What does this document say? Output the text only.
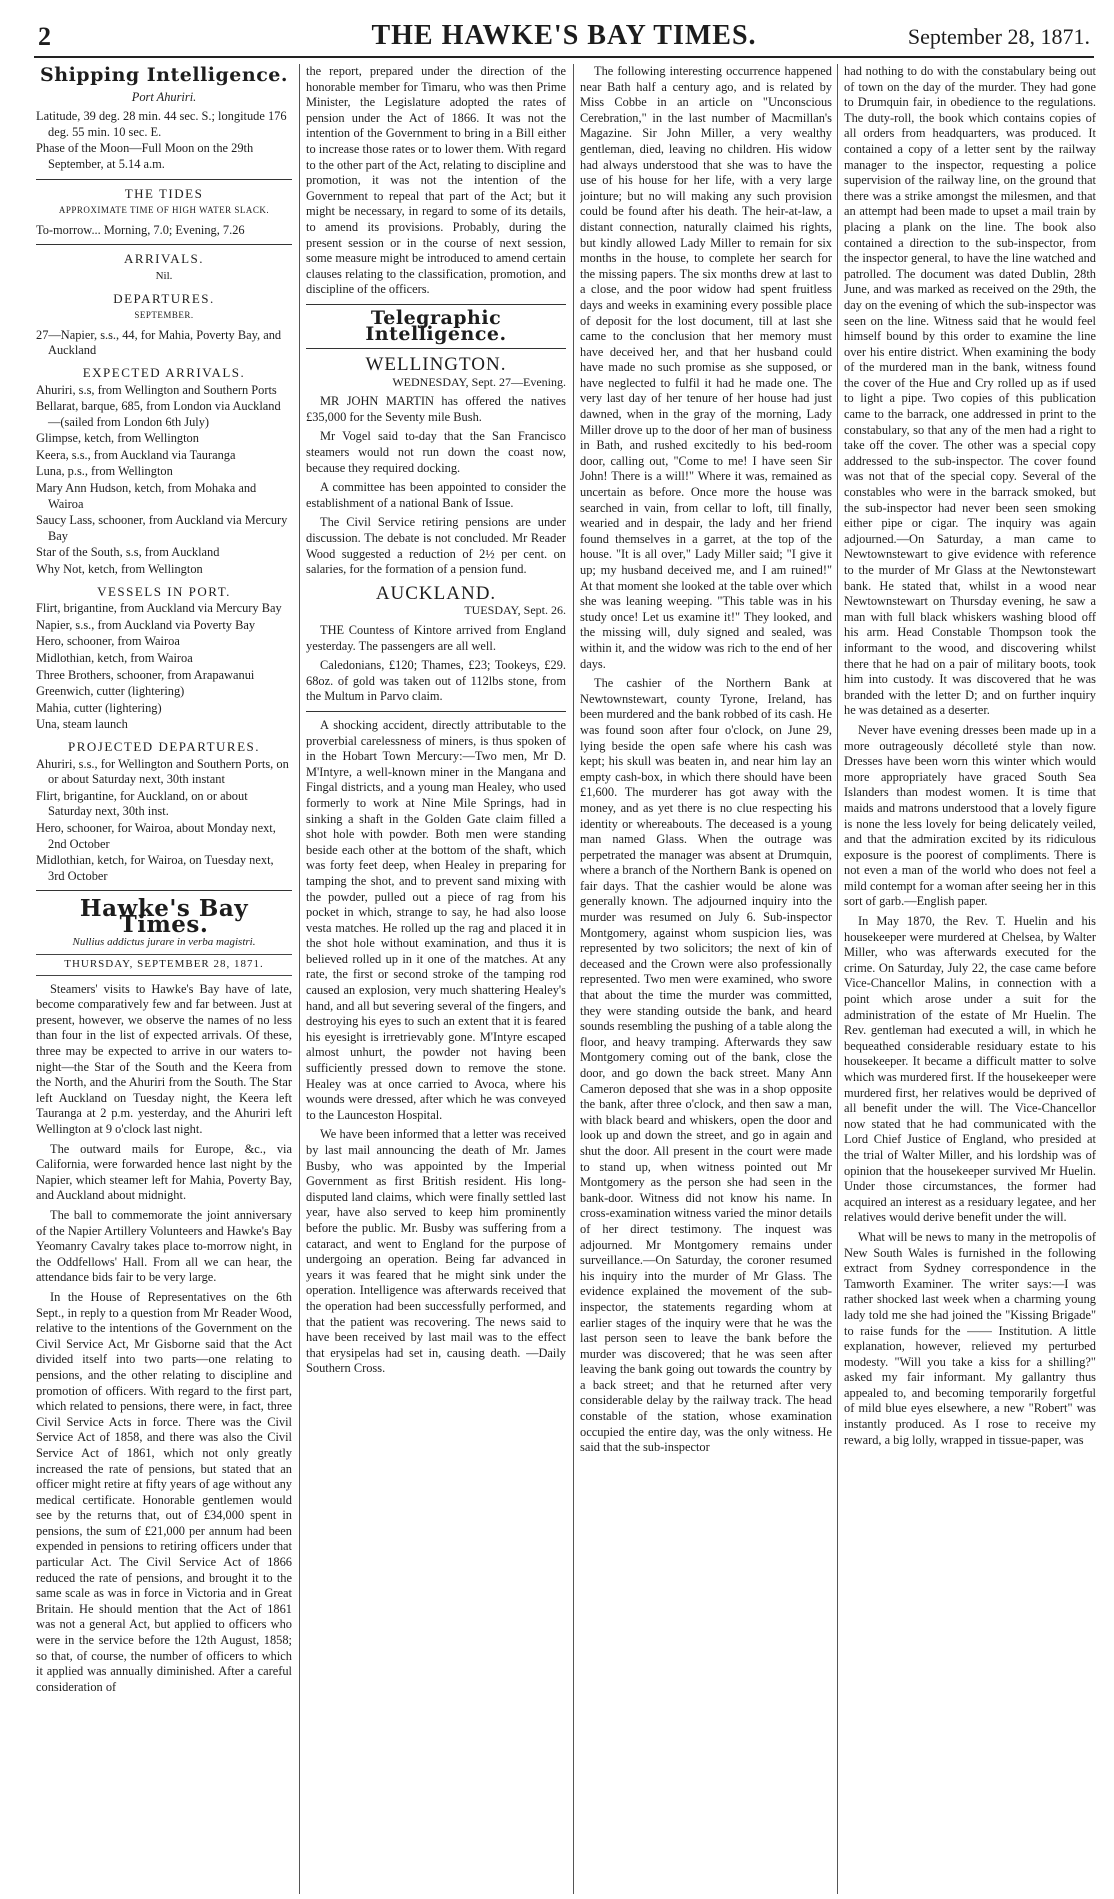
2	THE HAWKE'S BAY TIMES.	September 28, 1871.
Shipping Intelligence.

Port Ahuriri.

Latitude, 39 deg. 28 min. 44 sec. S.; longitude 176 deg. 55 min. 10 sec. E.

Phase of the Moon—Full Moon on the 29th September, at 5.14 a.m.

THE TIDES

APPROXIMATE TIME OF HIGH WATER SLACK.

To-morrow... Morning, 7.0; Evening, 7.26

ARRIVALS.

Nil.

DEPARTURES.

SEPTEMBER.

27—Napier, s.s., 44, for Mahia, Poverty Bay, and Auckland

EXPECTED ARRIVALS.

Ahuriri, s.s, from Wellington and Southern Ports

Bellarat, barque, 685, from London via Auckland—(sailed from London 6th July)

Glimpse, ketch, from Wellington

Keera, s.s., from Auckland via Tauranga

Luna, p.s., from Wellington

Mary Ann Hudson, ketch, from Mohaka and Wairoa

Saucy Lass, schooner, from Auckland via Mercury Bay

Star of the South, s.s, from Auckland

Why Not, ketch, from Wellington

VESSELS IN PORT.

Flirt, brigantine, from Auckland via Mercury Bay

Napier, s.s., from Auckland via Poverty Bay

Hero, schooner, from Wairoa

Midlothian, ketch, from Wairoa

Three Brothers, schooner, from Arapawanui

Greenwich, cutter (lightering)

Mahia, cutter (lightering)

Una, steam launch

PROJECTED DEPARTURES.

Ahuriri, s.s., for Wellington and Southern Ports, on or about Saturday next, 30th instant

Flirt, brigantine, for Auckland, on or about Saturday next, 30th inst.

Hero, schooner, for Wairoa, about Monday next, 2nd October

Midlothian, ketch, for Wairoa, on Tuesday next, 3rd October

Hawke's Bay Times.

Nullius addictus jurare in verba magistri.

THURSDAY, SEPTEMBER 28, 1871.

Steamers' visits to Hawke's Bay have of late, become comparatively few and far between. Just at present, however, we observe the names of no less than four in the list of expected arrivals. Of these, three may be expected to arrive in our waters to-night—the Star of the South and the Keera from the North, and the Ahuriri from the South. The Star left Auckland on Tuesday night, the Keera left Tauranga at 2 p.m. yesterday, and the Ahuriri left Wellington at 9 o'clock last night.

The outward mails for Europe, &c., via California, were forwarded hence last night by the Napier, which steamer left for Mahia, Poverty Bay, and Auckland about midnight.

The ball to commemorate the joint anniversary of the Napier Artillery Volunteers and Hawke's Bay Yeomanry Cavalry takes place to-morrow night, in the Oddfellows' Hall. From all we can hear, the attendance bids fair to be very large.

In the House of Representatives on the 6th Sept., in reply to a question from Mr Reader Wood, relative to the intentions of the Government on the Civil Service Act, Mr Gisborne said that the Act divided itself into two parts—one relating to pensions, and the other relating to discipline and promotion of officers. With regard to the first part, which related to pensions, there were, in fact, three Civil Service Acts in force. There was the Civil Service Act of 1858, and there was also the Civil Service Act of 1861, which not only greatly increased the rate of pensions, but stated that an officer might retire at fifty years of age without any medical certificate. Honorable gentlemen would see by the returns that, out of £34,000 spent in pensions, the sum of £21,000 per annum had been expended in pensions to retiring officers under that particular Act. The Civil Service Act of 1866 reduced the rate of pensions, and brought it to the same scale as was in force in Victoria and in Great Britain. He should mention that the Act of 1861 was not a general Act, but applied to officers who were in the service before the 12th August, 1858; so that, of course, the number of officers to which it applied was annually diminished. After a careful consideration of

the report, prepared under the direction of the honorable member for Timaru, who was then Prime Minister, the Legislature adopted the rates of pension under the Act of 1866. It was not the intention of the Government to bring in a Bill either to increase those rates or to lower them. With regard to the other part of the Act, relating to discipline and promotion, it was not the intention of the Government to repeal that part of the Act; but it might be necessary, in regard to some of its details, to amend its provisions. Probably, during the present session or in the course of next session, some measure might be introduced to amend certain clauses relating to the classification, promotion, and discipline of the officers.

Telegraphic Intelligence.

WELLINGTON.

WEDNESDAY, Sept. 27—Evening.

MR JOHN MARTIN has offered the natives £35,000 for the Seventy mile Bush.

Mr Vogel said to-day that the San Francisco steamers would not run down the coast now, because they required docking.

A committee has been appointed to consider the establishment of a national Bank of Issue.

The Civil Service retiring pensions are under discussion. The debate is not concluded. Mr Reader Wood suggested a reduction of 2½ per cent. on salaries, for the formation of a pension fund.

AUCKLAND.

TUESDAY, Sept. 26.

THE Countess of Kintore arrived from England yesterday. The passengers are all well.

Caledonians, £120; Thames, £23; Tookeys, £29. 68oz. of gold was taken out of 112lbs stone, from the Multum in Parvo claim.

A shocking accident, directly attributable to the proverbial carelessness of miners, is thus spoken of in the Hobart Town Mercury:—Two men, Mr D. M'Intyre, a well-known miner in the Mangana and Fingal districts, and a young man Healey, who used formerly to work at Nine Mile Springs, had in sinking a shaft in the Golden Gate claim filled a shot hole with powder. Both men were standing beside each other at the bottom of the shaft, which was forty feet deep, when Healey in preparing for tamping the shot, and to prevent sand mixing with the powder, pulled out a piece of rag from his pocket in which, strange to say, he had also loose vesta matches. He rolled up the rag and placed it in the shot hole without examination, and thus it is believed rolled up in it one of the matches. At any rate, the first or second stroke of the tamping rod caused an explosion, very much shattering Healey's hand, and all but severing several of the fingers, and destroying his eyes to such an extent that it is feared his eyesight is irretrievably gone. M'Intyre escaped almost unhurt, the powder not having been sufficiently pressed down to remove the stone. Healey was at once carried to Avoca, where his wounds were dressed, after which he was conveyed to the Launceston Hospital.

We have been informed that a letter was received by last mail announcing the death of Mr. James Busby, who was appointed by the Imperial Government as first British resident. His long-disputed land claims, which were finally settled last year, have also served to keep him prominently before the public. Mr. Busby was suffering from a cataract, and went to England for the purpose of undergoing an operation. Being far advanced in years it was feared that he might sink under the operation. Intelligence was afterwards received that the operation had been successfully performed, and that the patient was recovering. The news said to have been received by last mail was to the effect that erysipelas had set in, causing death. —Daily Southern Cross.

The following interesting occurrence happened near Bath half a century ago, and is related by Miss Cobbe in an article on "Unconscious Cerebration," in the last number of Macmillan's Magazine. Sir John Miller, a very wealthy gentleman, died, leaving no children. His widow had always understood that she was to have the use of his house for her life, with a very large jointure; but no will making any such provision could be found after his death. The heir-at-law, a distant connection, naturally claimed his rights, but kindly allowed Lady Miller to remain for six months in the house, to complete her search for the missing papers. The six months drew at last to a close, and the poor widow had spent fruitless days and weeks in examining every possible place of deposit for the lost document, till at last she came to the conclusion that her memory must have deceived her, and that her husband could have made no such promise as she supposed, or have neglected to fulfil it had he made one. The very last day of her tenure of her house had just dawned, when in the gray of the morning, Lady Miller drove up to the door of her man of business in Bath, and rushed excitedly to his bed-room door, calling out, "Come to me! I have seen Sir John! There is a will!" Where it was, remained as uncertain as before. Once more the house was searched in vain, from cellar to loft, till finally, wearied and in despair, the lady and her friend found themselves in a garret, at the top of the house. "It is all over," Lady Miller said; "I give it up; my husband deceived me, and I am ruined!" At that moment she looked at the table over which she was leaning weeping. "This table was in his study once! Let us examine it!" They looked, and the missing will, duly signed and sealed, was within it, and the widow was rich to the end of her days.

The cashier of the Northern Bank at Newtownstewart, county Tyrone, Ireland, has been murdered and the bank robbed of its cash. He was found soon after four o'clock, on June 29, lying beside the open safe where his cash was kept; his skull was beaten in, and near him lay an empty cash-box, in which there should have been £1,600. The murderer has got away with the money, and as yet there is no clue respecting his identity or whereabouts. The deceased is a young man named Glass. When the outrage was perpetrated the manager was absent at Drumquin, where a branch of the Northern Bank is opened on fair days. That the cashier would be alone was generally known. The adjourned inquiry into the murder was resumed on July 6. Sub-inspector Montgomery, against whom suspicion lies, was represented by two solicitors; the next of kin of deceased and the Crown were also professionally represented. Two men were examined, who swore that about the time the murder was committed, they were standing outside the bank, and heard sounds resembling the pushing of a table along the floor, and heavy tramping. Afterwards they saw Montgomery coming out of the bank, close the door, and go down the back street. Many Ann Cameron deposed that she was in a shop opposite the bank, after three o'clock, and then saw a man, with black beard and whiskers, open the door and look up and down the street, and go in again and shut the door. All present in the court were made to stand up, when witness pointed out Mr Montgomery as the person she had seen in the bank-door. Witness did not know his name. In cross-examination witness varied the minor details of her direct testimony. The inquest was adjourned. Mr Montgomery remains under surveillance.—On Saturday, the coroner resumed his inquiry into the murder of Mr Glass. The evidence explained the movement of the sub-inspector, the statements regarding whom at earlier stages of the inquiry were that he was the last person seen to leave the bank before the murder was discovered; that he was seen after leaving the bank going out towards the country by a back street; and that he returned after very considerable delay by the railway track. The head constable of the station, whose examination occupied the entire day, was the only witness. He said that the sub-inspector

had nothing to do with the constabulary being out of town on the day of the murder. They had gone to Drumquin fair, in obedience to the regulations. The duty-roll, the book which contains copies of all orders from headquarters, was produced. It contained a copy of a letter sent by the railway manager to the inspector, requesting a police supervision of the railway line, on the ground that there was a strike amongst the milesmen, and that an attempt had been made to upset a mail train by placing a plank on the line. The book also contained a direction to the sub-inspector, from the inspector general, to have the line watched and patrolled. The document was dated Dublin, 28th June, and was marked as received on the 29th, the day on the evening of which the sub-inspector was seen on the line. Witness said that he would feel himself bound by this order to examine the line over his entire district. When examining the body of the murdered man in the bank, witness found the cover of the Hue and Cry rolled up as if used to light a pipe. Two copies of this publication came to the barrack, one addressed in print to the constabulary, so that any of the men had a right to take off the cover. The other was a special copy addressed to the sub-inspector. The cover found was not that of the special copy. Several of the constables who were in the barrack smoked, but the sub-inspector had never been seen smoking either pipe or cigar. The inquiry was again adjourned.—On Saturday, a man came to Newtownstewart to give evidence with reference to the murder of Mr Glass at the Newtonstewart bank. He stated that, whilst in a wood near Newtownstewart on Thursday evening, he saw a man with full black whiskers washing blood off his arm. Head Constable Thompson took the informant to the wood, and discovering whilst there that he had on a pair of military boots, took him into custody. It was discovered that he was branded with the letter D; and on further inquiry he was detained as a deserter.

Never have evening dresses been made up in a more outrageously décolleté style than now. Dresses have been worn this winter which would more appropriately have graced South Sea Islanders than modest women. It is time that maids and matrons understood that a lovely figure is none the less lovely for being delicately veiled, and that the admiration excited by its ridiculous exposure is the poorest of compliments. There is not even a man of the world who does not feel a mild contempt for a woman after seeing her in this sort of garb.—English paper.

In May 1870, the Rev. T. Huelin and his housekeeper were murdered at Chelsea, by Walter Miller, who was afterwards executed for the crime. On Saturday, July 22, the case came before Vice-Chancellor Malins, in connection with a point which arose under a suit for the administration of the estate of Mr Huelin. The Rev. gentleman had executed a will, in which he bequeathed considerable residuary estate to his housekeeper. It became a difficult matter to solve which was murdered first. If the housekeeper were murdered first, her relatives would be deprived of all benefit under the will. The Vice-Chancellor now stated that he had communicated with the Lord Chief Justice of England, who presided at the trial of Walter Miller, and his lordship was of opinion that the housekeeper survived Mr Huelin. Under those circumstances, the former had acquired an interest as a residuary legatee, and her relatives would derive benefit under the will.

What will be news to many in the metropolis of New South Wales is furnished in the following extract from Sydney correspondence in the Tamworth Examiner. The writer says:—I was rather shocked last week when a charming young lady told me she had joined the "Kissing Brigade" to raise funds for the —— Institution. A little explanation, however, relieved my perturbed modesty. "Will you take a kiss for a shilling?" asked my fair informant. My gallantry thus appealed to, and becoming temporarily forgetful of mild blue eyes elsewhere, a new "Robert" was instantly produced. As I rose to receive my reward, a big lolly, wrapped in tissue-paper, was
